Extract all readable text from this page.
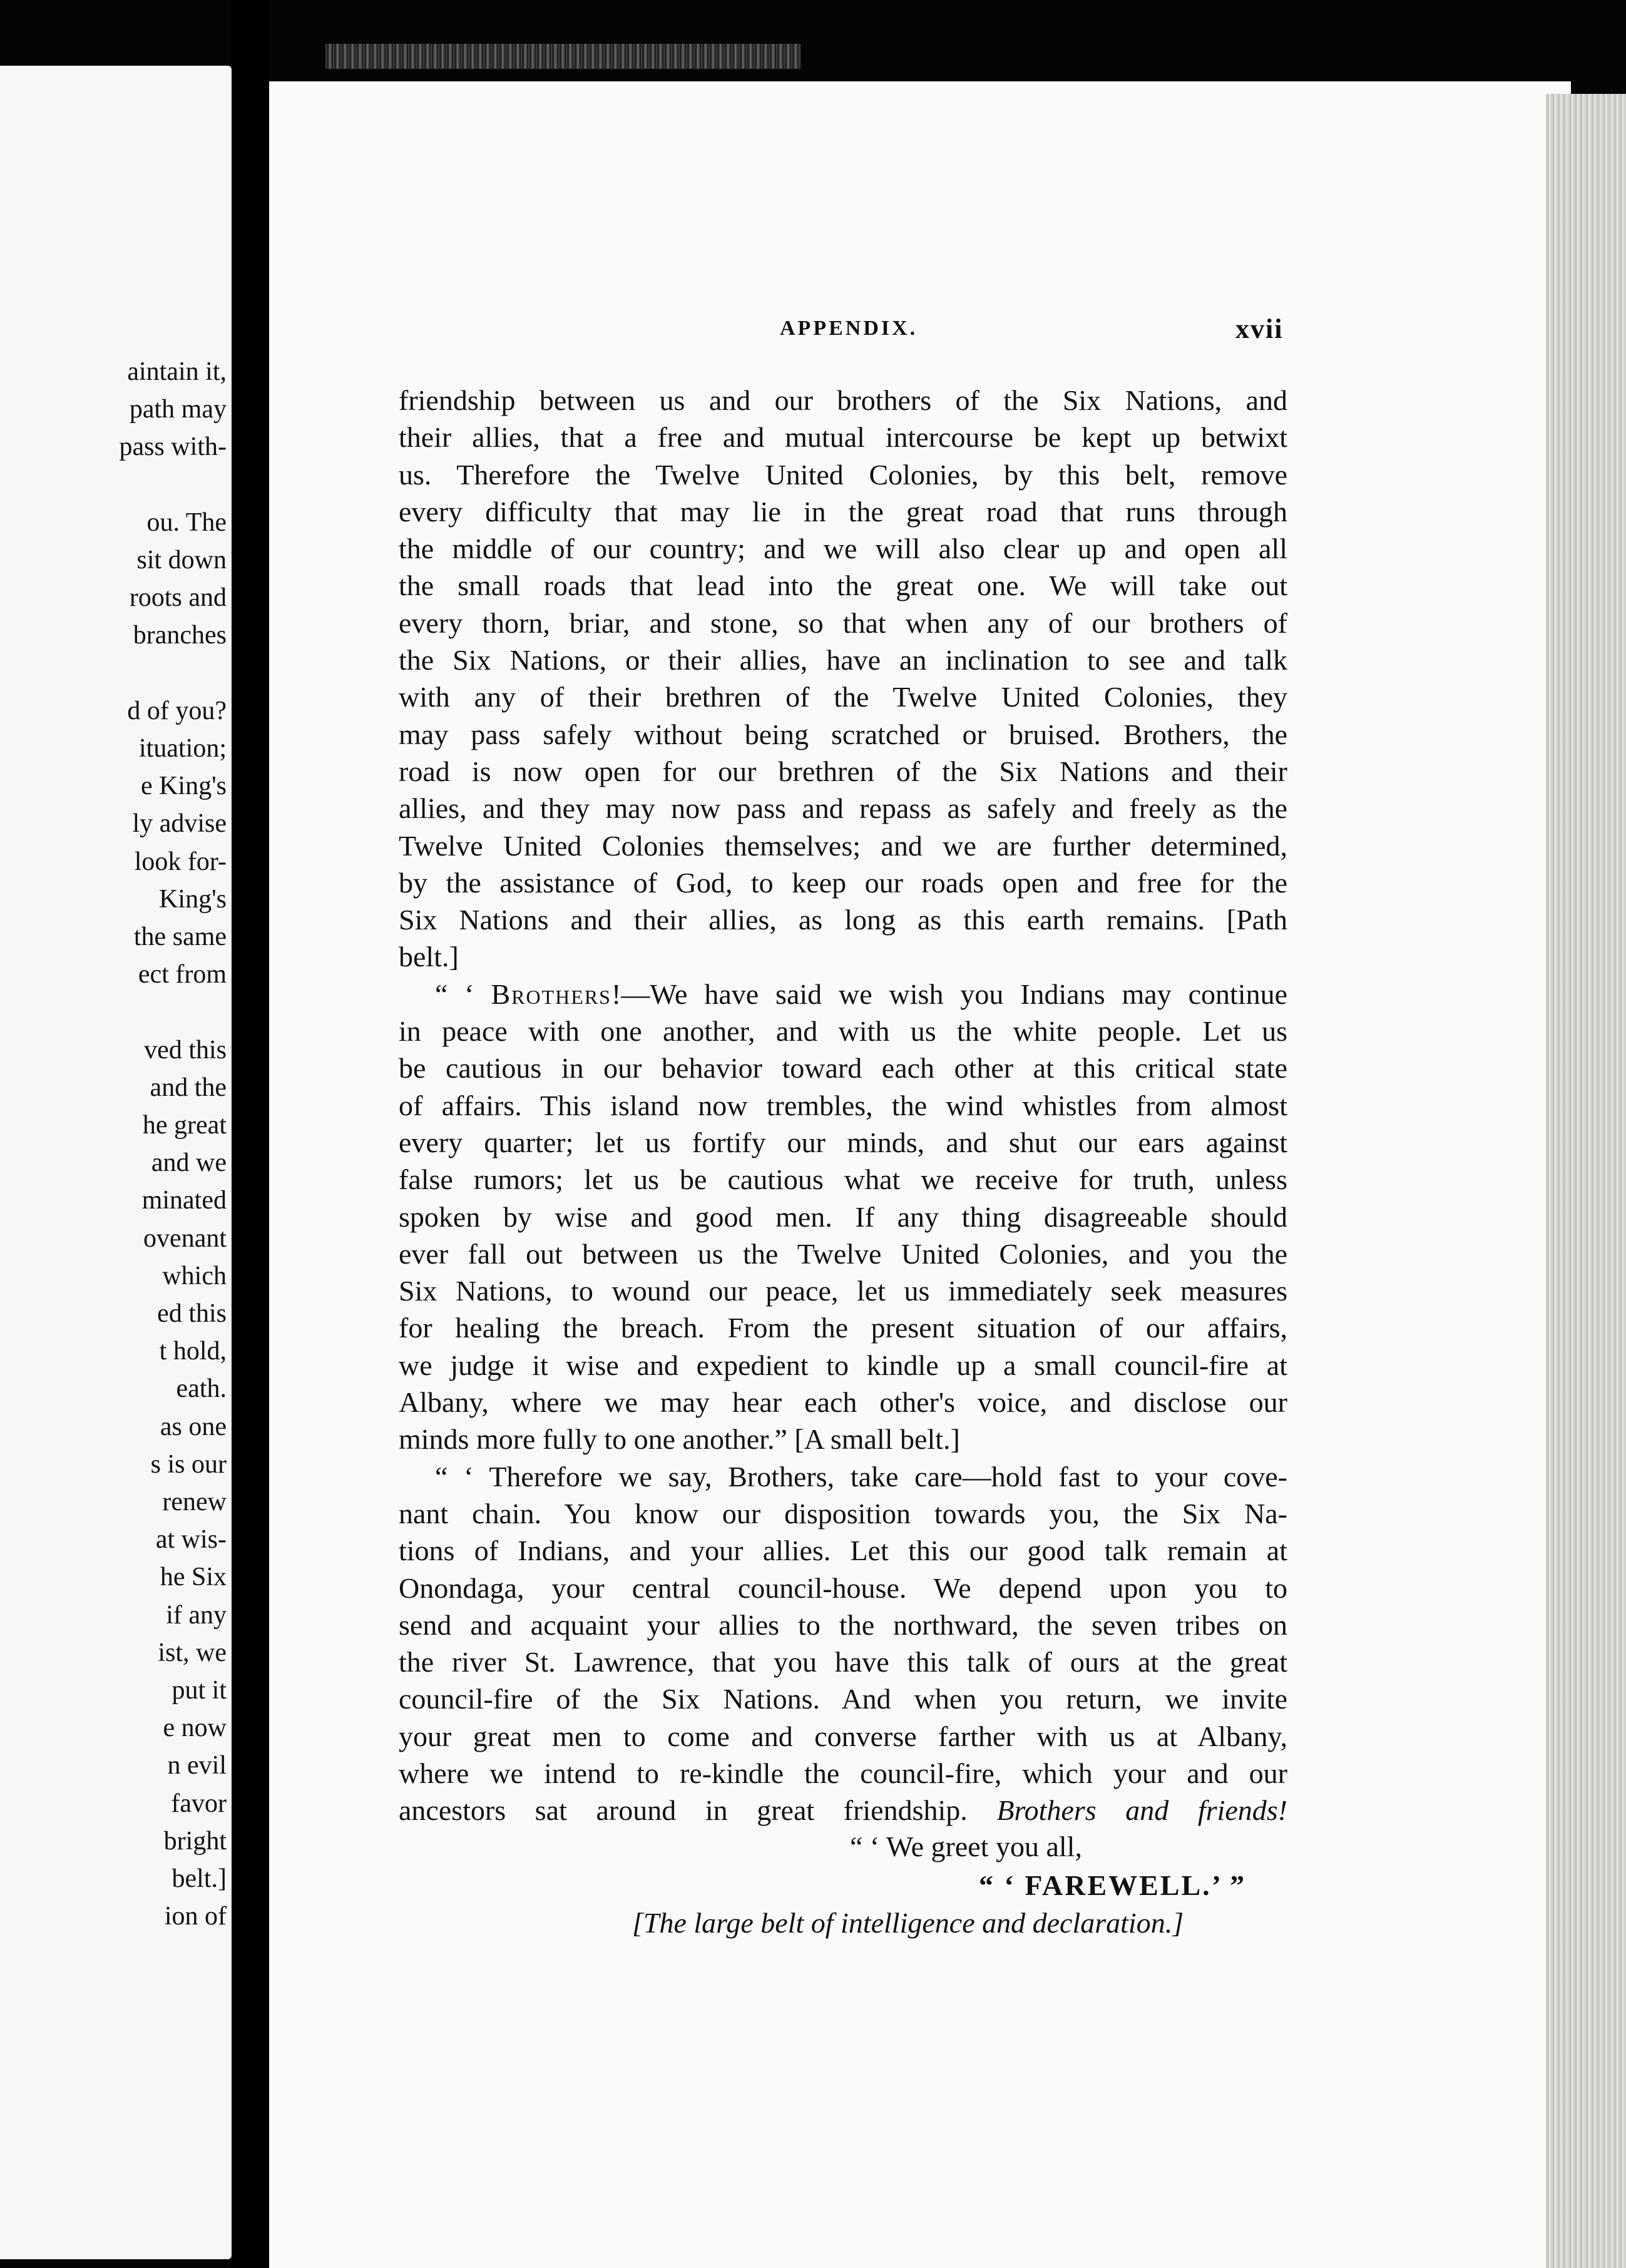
aintain it,
path may
pass with-
ou. The
sit down
roots and
branches
d of you?
ituation;
e King's
ly advise
look for-
King's
the same
ect from
ved this
and the
he great
and we
minated
ovenant
which
ed this
t hold,
eath.
as one
s is our
renew
at wis-
he Six
if any
ist, we
put it
e now
n evil
favor
bright
belt.]
ion of
APPENDIX.	xvii
friendship between us and our brothers of the Six Nations, and
their allies, that a free and mutual intercourse be kept up betwixt
us. Therefore the Twelve United Colonies, by this belt, remove
every difficulty that may lie in the great road that runs through
the middle of our country; and we will also clear up and open all
the small roads that lead into the great one. We will take out
every thorn, briar, and stone, so that when any of our brothers of
the Six Nations, or their allies, have an inclination to see and talk
with any of their brethren of the Twelve United Colonies, they
may pass safely without being scratched or bruised. Brothers, the
road is now open for our brethren of the Six Nations and their
allies, and they may now pass and repass as safely and freely as the
Twelve United Colonies themselves; and we are further determined,
by the assistance of God, to keep our roads open and free for the
Six Nations and their allies, as long as this earth remains. [Path
belt.]
“ ‘ Brothers!—We have said we wish you Indians may continue
in peace with one another, and with us the white people. Let us
be cautious in our behavior toward each other at this critical state
of affairs. This island now trembles, the wind whistles from almost
every quarter; let us fortify our minds, and shut our ears against
false rumors; let us be cautious what we receive for truth, unless
spoken by wise and good men. If any thing disagreeable should
ever fall out between us the Twelve United Colonies, and you the
Six Nations, to wound our peace, let us immediately seek measures
for healing the breach. From the present situation of our affairs,
we judge it wise and expedient to kindle up a small council-fire at
Albany, where we may hear each other's voice, and disclose our
minds more fully to one another.” [A small belt.]
“ ‘ Therefore we say, Brothers, take care—hold fast to your cove-
nant chain. You know our disposition towards you, the Six Na-
tions of Indians, and your allies. Let this our good talk remain at
Onondaga, your central council-house. We depend upon you to
send and acquaint your allies to the northward, the seven tribes on
the river St. Lawrence, that you have this talk of ours at the great
council-fire of the Six Nations. And when you return, we invite
your great men to come and converse farther with us at Albany,
where we intend to re-kindle the council-fire, which your and our
ancestors sat around in great friendship. Brothers and friends!
“ ‘ We greet you all,
“ ‘ FAREWELL.’ ”
[The large belt of intelligence and declaration.]
